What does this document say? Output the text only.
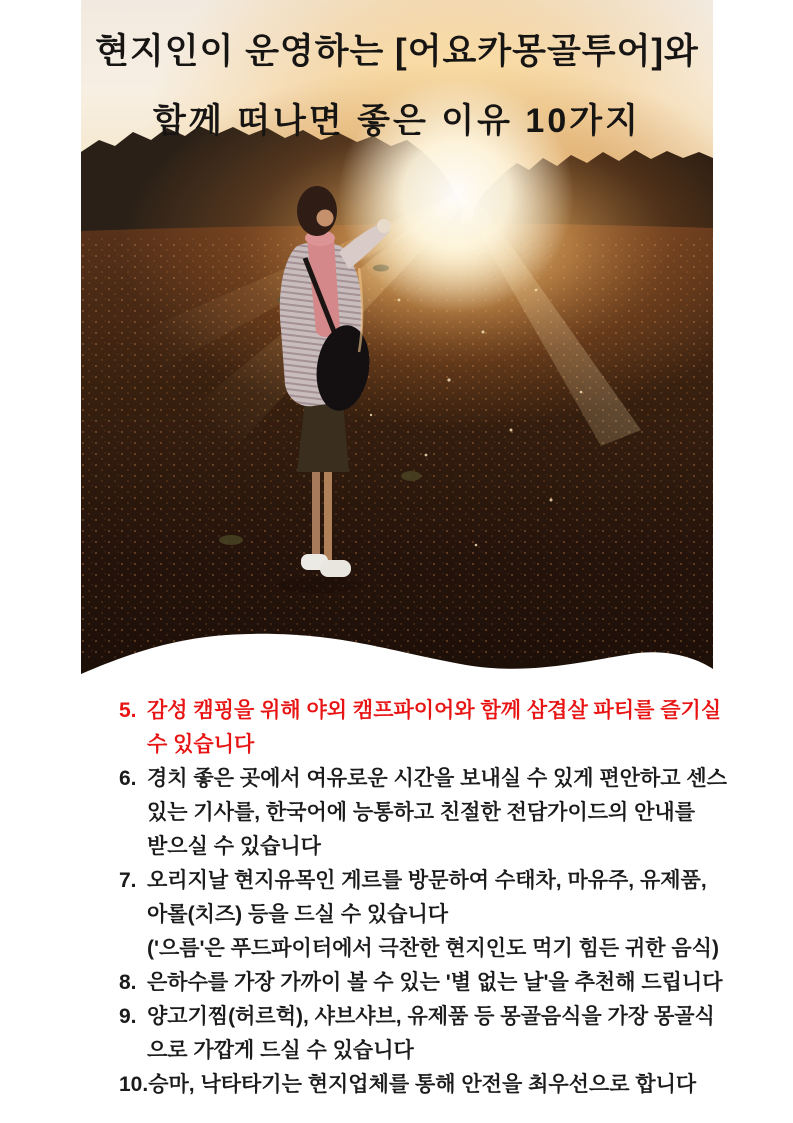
현지인이 운영하는 [어요카몽골투어]와
함께 떠나면 좋은 이유 10가지
5. 감성 캠핑을 위해 야외 캠프파이어와 함께 삼겹살 파티를 즐기실
수 있습니다
6. 경치 좋은 곳에서 여유로운 시간을 보내실 수 있게 편안하고 센스
있는 기사를, 한국어에 능통하고 친절한 전담가이드의 안내를
받으실 수 있습니다
7. 오리지날 현지유목인 게르를 방문하여 수태차, 마유주, 유제품,
아롤(치즈) 등을 드실 수 있습니다
('으름'은 푸드파이터에서 극찬한 현지인도 먹기 힘든 귀한 음식)
8. 은하수를 가장 가까이 볼 수 있는 '별 없는 날'을 추천해 드립니다
9. 양고기찜(허르헉), 샤브샤브, 유제품 등 몽골음식을 가장 몽골식
으로 가깝게 드실 수 있습니다
10.승마, 낙타타기는 현지업체를 통해 안전을 최우선으로 합니다
